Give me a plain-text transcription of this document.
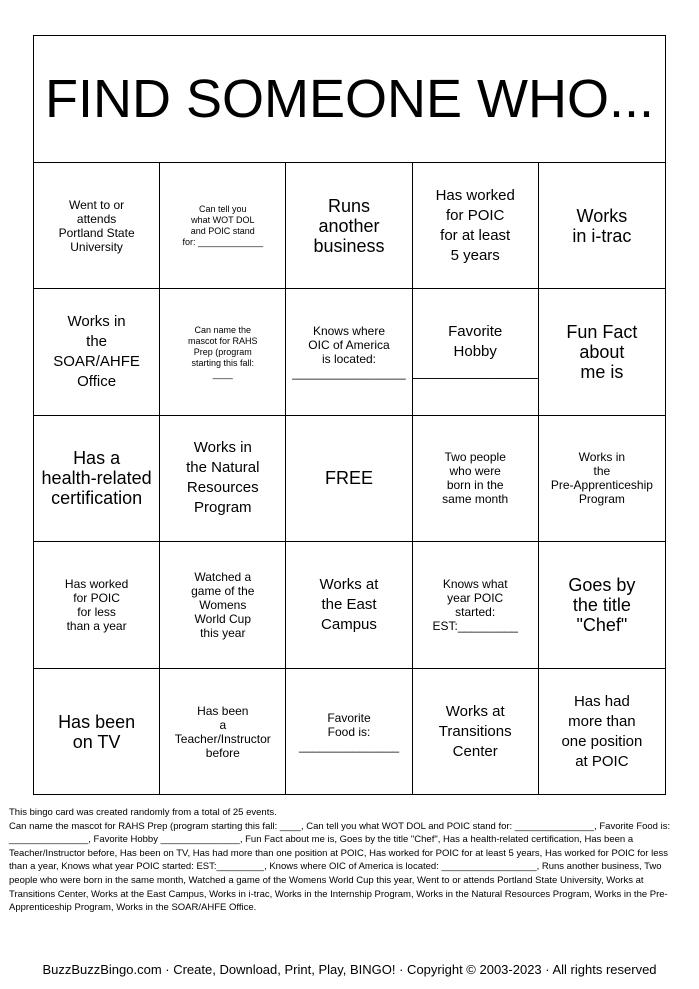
FIND SOMEONE WHO...
Went to or
attends
Portland State
University
Can tell you
what WOT DOL
and POIC stand
for: _____________
Runs
another
business
Has worked
for POIC
for at least
5 years
Works
in i-trac
Works in
the
SOAR/AHFE
Office
Can name the
mascot for RAHS
Prep (program
starting this fall:
____
Knows where
OIC of America
is located:
_________________
Favorite
Hobby
_______________
Fun Fact
about
me is
Has a
health-related
certification
Works in
the Natural
Resources
Program
FREE
Two people
who were
born in the
same month
Works in
the
Pre-Apprenticeship
Program
Has worked
for POIC
for less
than a year
Watched a
game of the
Womens
World Cup
this year
Works at
the East
Campus
Knows what
year POIC
started:
EST:_________
Goes by
the title
"Chef"
Has been
on TV
Has been
a
Teacher/Instructor
before
Favorite
Food is:
_______________
Works at
Transitions
Center
Has had
more than
one position
at POIC

This bingo card was created randomly from a total of 25 events.

Can name the mascot for RAHS Prep (program starting this fall: ____, Can tell you what WOT DOL and POIC stand for: _______________, Favorite Food is: _______________, Favorite Hobby _______________, Fun Fact about me is, Goes by the title "Chef", Has a health-related certification, Has been a Teacher/Instructor before, Has been on TV, Has had more than one position at POIC, Has worked for POIC for at least 5 years, Has worked for POIC for less than a year, Knows what year POIC started: EST:_________, Knows where OIC of America is located: __________________, Runs another business, Two people who were born in the same month, Watched a game of the Womens World Cup this year, Went to or attends Portland State University, Works at Transitions Center, Works at the East Campus, Works in i-trac, Works in the Internship Program, Works in the Natural Resources Program, Works in the Pre-Apprenticeship Program, Works in the SOAR/AHFE Office.

BuzzBuzzBingo.com · Create, Download, Print, Play, BINGO! · Copyright © 2003-2023 · All rights reserved
